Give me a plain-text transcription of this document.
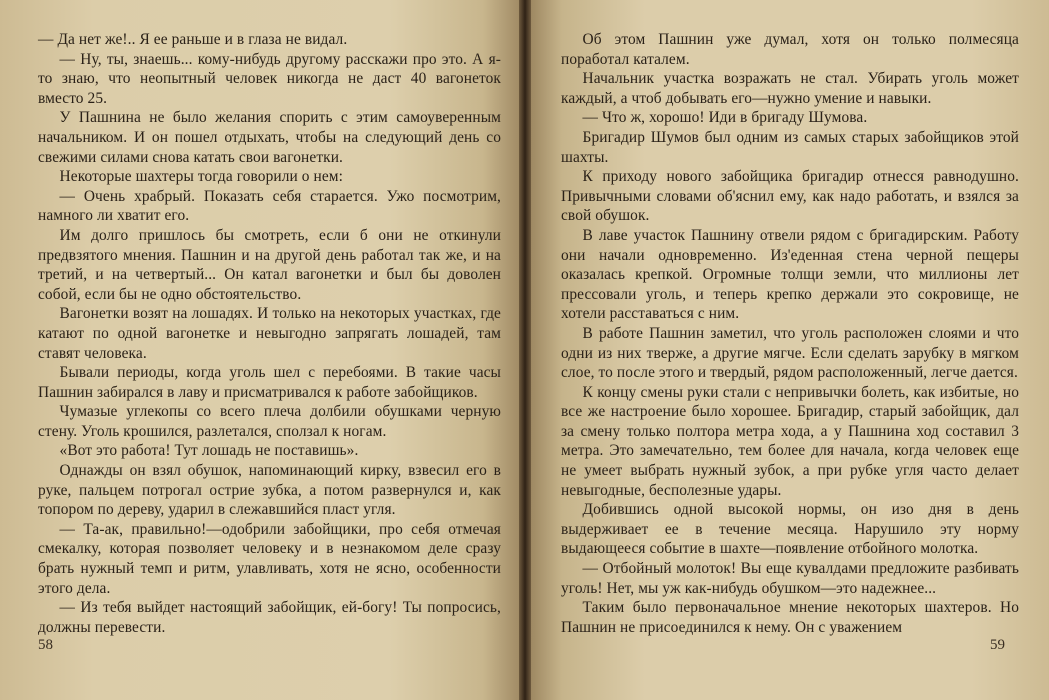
— Да нет же!.. Я ее раньше и в глаза не видал.

— Ну, ты, знаешь... кому-нибудь другому расскажи про это. А я-то знаю, что неопытный человек никогда не даст 40 вагонеток вместо 25.

У Пашнина не было желания спорить с этим самоуверенным начальником. И он пошел отдыхать, чтобы на следующий день со свежими силами снова катать свои вагонетки.

Некоторые шахтеры тогда говорили о нем:

— Очень храбрый. Показать себя старается. Ужо посмотрим, намного ли хватит его.

Им долго пришлось бы смотреть, если б они не откинули предвзятого мнения. Пашнин и на другой день работал так же, и на третий, и на четвертый... Он катал вагонетки и был бы доволен собой, если бы не одно обстоятельство.

Вагонетки возят на лошадях. И только на некоторых участках, где катают по одной вагонетке и невыгодно запрягать лошадей, там ставят человека.

Бывали периоды, когда уголь шел с перебоями. В такие часы Пашнин забирался в лаву и присматривался к работе забойщиков.

Чумазые углекопы со всего плеча долбили обушками черную стену. Уголь крошился, разлетался, сползал к ногам.

«Вот это работа! Тут лошадь не поставишь».

Однажды он взял обушок, напоминающий кирку, взвесил его в руке, пальцем потрогал острие зубка, а потом развернулся и, как топором по дереву, ударил в слежавшийся пласт угля.

— Та-ак, правильно!—одобрили забойщики, про себя отмечая смекалку, которая позволяет человеку и в незнакомом деле сразу брать нужный темп и ритм, улавливать, хотя не ясно, особенности этого дела.

— Из тебя выйдет настоящий забойщик, ей-богу! Ты попросись, должны перевести.

58

Об этом Пашнин уже думал, хотя он только полмесяца поработал каталем.

Начальник участка возражать не стал. Убирать уголь может каждый, а чтоб добывать его—нужно умение и навыки.

— Что ж, хорошо! Иди в бригаду Шумова.

Бригадир Шумов был одним из самых старых забойщиков этой шахты.

К приходу нового забойщика бригадир отнесся равнодушно. Привычными словами об'яснил ему, как надо работать, и взялся за свой обушок.

В лаве участок Пашнину отвели рядом с бригадирским. Работу они начали одновременно. Из'еденная стена черной пещеры оказалась крепкой. Огромные толщи земли, что миллионы лет прессовали уголь, и теперь крепко держали это сокровище, не хотели расставаться с ним.

В работе Пашнин заметил, что уголь расположен слоями и что одни из них тверже, а другие мягче. Если сделать зарубку в мягком слое, то после этого и твердый, рядом расположенный, легче дается.

К концу смены руки стали с непривычки болеть, как избитые, но все же настроение было хорошее. Бригадир, старый забойщик, дал за смену только полтора метра хода, а у Пашнина ход составил 3 метра. Это замечательно, тем более для начала, когда человек еще не умеет выбрать нужный зубок, а при рубке угля часто делает невыгодные, бесполезные удары.

Добившись одной высокой нормы, он изо дня в день выдерживает ее в течение месяца. Нарушило эту норму выдающееся событие в шахте—появление отбойного молотка.

— Отбойный молоток! Вы еще кувалдами предложите разбивать уголь! Нет, мы уж как-нибудь обушком—это надежнее...

Таким было первоначальное мнение некоторых шахтеров. Но Пашнин не присоединился к нему. Он с уважением

59
